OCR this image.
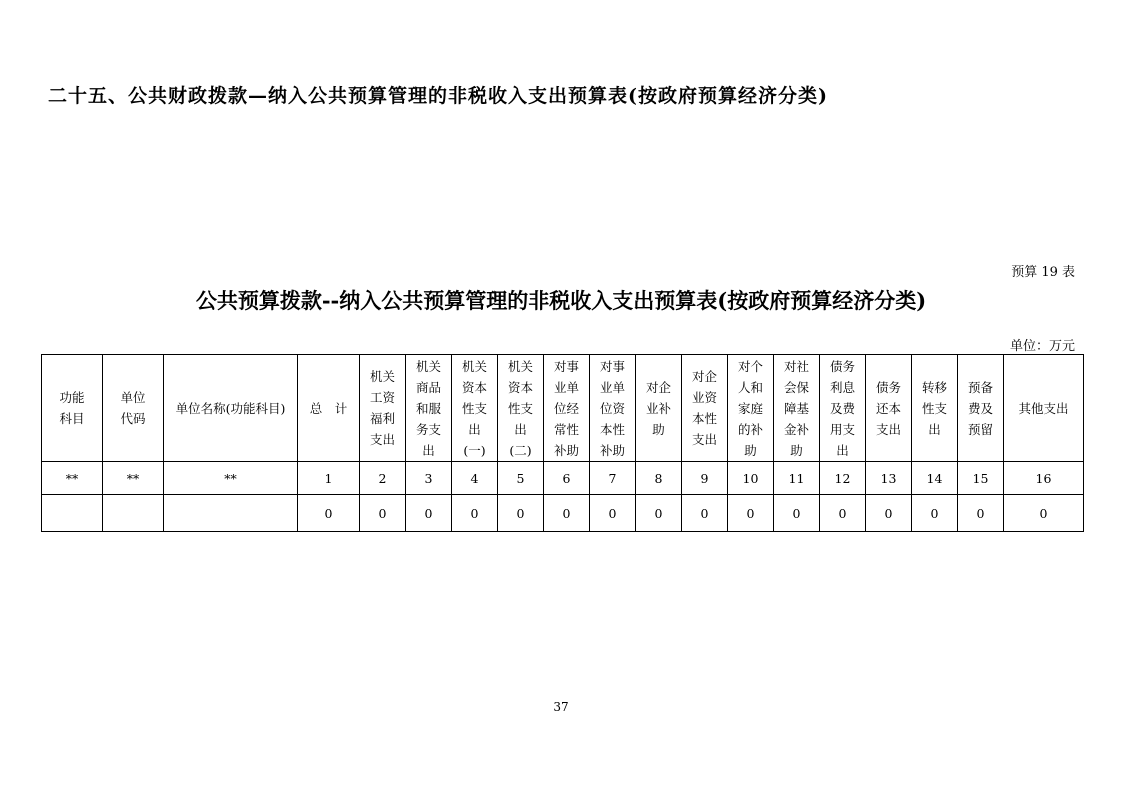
二十五、公共财政拨款—纳入公共预算管理的非税收入支出预算表(按政府预算经济分类)
预算 19 表
公共预算拨款--纳入公共预算管理的非税收入支出预算表(按政府预算经济分类)
单位：万元
功能科目	单位代码	单位名称(功能科目)	总　计	机关工资福利支出	机关商品和服务支出	机关资本性支出(一)	机关资本性支出(二)	对事业单位经常性补助	对事业单位资本性补助	对企业补助	对企业资本性支出	对个人和家庭的补助	对社会保障基金补助	债务利息及费用支出	债务还本支出	转移性支出	预备费及预留	其他支出
**	**	**	1	2	3	4	5	6	7	8	9	10	11	12	13	14	15	16
			0	0	0	0	0	0	0	0	0	0	0	0	0	0	0	0
37
